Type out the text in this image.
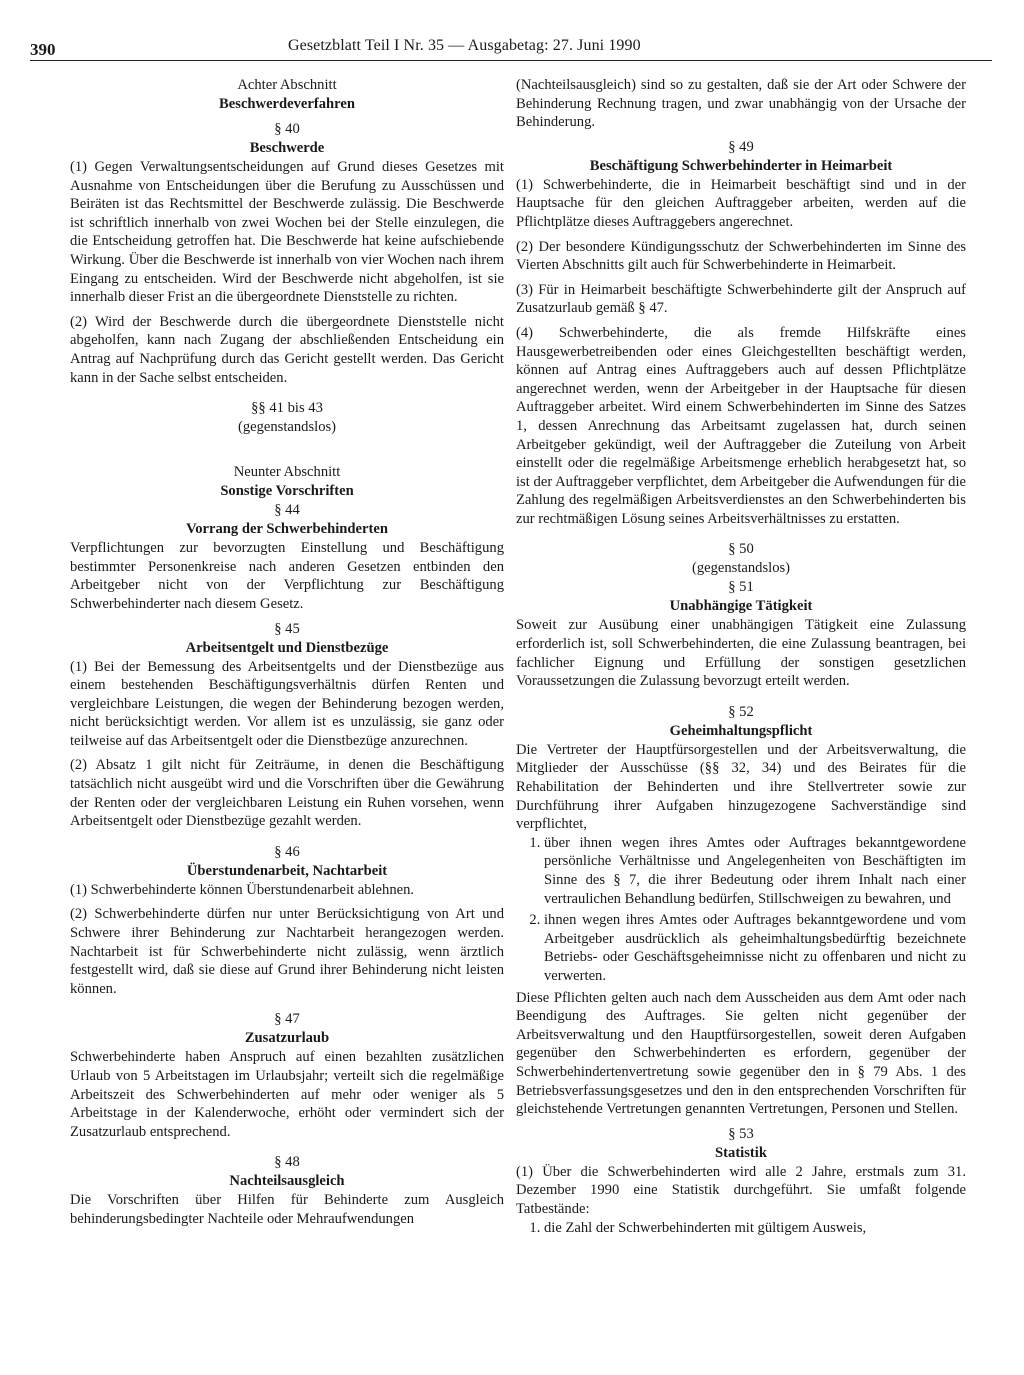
390	Gesetzblatt Teil I Nr. 35 — Ausgabetag: 27. Juni 1990
Achter Abschnitt
Beschwerdeverfahren
§ 40
Beschwerde

(1) Gegen Verwaltungsentscheidungen auf Grund dieses Gesetzes mit Ausnahme von Entscheidungen über die Berufung zu Ausschüssen und Beiräten ist das Rechtsmittel der Beschwerde zulässig. Die Beschwerde ist schriftlich innerhalb von zwei Wochen bei der Stelle einzulegen, die die Entscheidung getroffen hat. Die Beschwerde hat keine aufschiebende Wirkung. Über die Beschwerde ist innerhalb von vier Wochen nach ihrem Eingang zu entscheiden. Wird der Beschwerde nicht abgeholfen, ist sie innerhalb dieser Frist an die übergeordnete Dienststelle zu richten.

(2) Wird der Beschwerde durch die übergeordnete Dienststelle nicht abgeholfen, kann nach Zugang der abschließenden Entscheidung ein Antrag auf Nachprüfung durch das Gericht gestellt werden. Das Gericht kann in der Sache selbst entscheiden.

§§ 41 bis 43
(gegenstandslos)
Neunter Abschnitt
Sonstige Vorschriften
§ 44
Vorrang der Schwerbehinderten

Verpflichtungen zur bevorzugten Einstellung und Beschäftigung bestimmter Personenkreise nach anderen Gesetzen entbinden den Arbeitgeber nicht von der Verpflichtung zur Beschäftigung Schwerbehinderter nach diesem Gesetz.

§ 45
Arbeitsentgelt und Dienstbezüge

(1) Bei der Bemessung des Arbeitsentgelts und der Dienstbezüge aus einem bestehenden Beschäftigungsverhältnis dürfen Renten und vergleichbare Leistungen, die wegen der Behinderung bezogen werden, nicht berücksichtigt werden. Vor allem ist es unzulässig, sie ganz oder teilweise auf das Arbeitsentgelt oder die Dienstbezüge anzurechnen.

(2) Absatz 1 gilt nicht für Zeiträume, in denen die Beschäftigung tatsächlich nicht ausgeübt wird und die Vorschriften über die Gewährung der Renten oder der vergleichbaren Leistung ein Ruhen vorsehen, wenn Arbeitsentgelt oder Dienstbezüge gezahlt werden.

§ 46
Überstundenarbeit, Nachtarbeit

(1) Schwerbehinderte können Überstundenarbeit ablehnen.

(2) Schwerbehinderte dürfen nur unter Berücksichtigung von Art und Schwere ihrer Behinderung zur Nachtarbeit herangezogen werden. Nachtarbeit ist für Schwerbehinderte nicht zulässig, wenn ärztlich festgestellt wird, daß sie diese auf Grund ihrer Behinderung nicht leisten können.

§ 47
Zusatzurlaub

Schwerbehinderte haben Anspruch auf einen bezahlten zusätzlichen Urlaub von 5 Arbeitstagen im Urlaubsjahr; verteilt sich die regelmäßige Arbeitszeit des Schwerbehinderten auf mehr oder weniger als 5 Arbeitstage in der Kalenderwoche, erhöht oder vermindert sich der Zusatzurlaub entsprechend.

§ 48
Nachteilsausgleich

Die Vorschriften über Hilfen für Behinderte zum Ausgleich behinderungsbedingter Nachteile oder Mehraufwendungen

(Nachteilsausgleich) sind so zu gestalten, daß sie der Art oder Schwere der Behinderung Rechnung tragen, und zwar unabhängig von der Ursache der Behinderung.

§ 49
Beschäftigung Schwerbehinderter in Heimarbeit

(1) Schwerbehinderte, die in Heimarbeit beschäftigt sind und in der Hauptsache für den gleichen Auftraggeber arbeiten, werden auf die Pflichtplätze dieses Auftraggebers angerechnet.

(2) Der besondere Kündigungsschutz der Schwerbehinderten im Sinne des Vierten Abschnitts gilt auch für Schwerbehinderte in Heimarbeit.

(3) Für in Heimarbeit beschäftigte Schwerbehinderte gilt der Anspruch auf Zusatzurlaub gemäß § 47.

(4) Schwerbehinderte, die als fremde Hilfskräfte eines Hausgewerbetreibenden oder eines Gleichgestellten beschäftigt werden, können auf Antrag eines Auftraggebers auch auf dessen Pflichtplätze angerechnet werden, wenn der Arbeitgeber in der Hauptsache für diesen Auftraggeber arbeitet. Wird einem Schwerbehinderten im Sinne des Satzes 1, dessen Anrechnung das Arbeitsamt zugelassen hat, durch seinen Arbeitgeber gekündigt, weil der Auftraggeber die Zuteilung von Arbeit einstellt oder die regelmäßige Arbeitsmenge erheblich herabgesetzt hat, so ist der Auftraggeber verpflichtet, dem Arbeitgeber die Aufwendungen für die Zahlung des regelmäßigen Arbeitsverdienstes an den Schwerbehinderten bis zur rechtmäßigen Lösung seines Arbeitsverhältnisses zu erstatten.

§ 50
(gegenstandslos)
§ 51
Unabhängige Tätigkeit

Soweit zur Ausübung einer unabhängigen Tätigkeit eine Zulassung erforderlich ist, soll Schwerbehinderten, die eine Zulassung beantragen, bei fachlicher Eignung und Erfüllung der sonstigen gesetzlichen Voraussetzungen die Zulassung bevorzugt erteilt werden.

§ 52
Geheimhaltungspflicht

Die Vertreter der Hauptfürsorgestellen und der Arbeitsverwaltung, die Mitglieder der Ausschüsse (§§ 32, 34) und des Beirates für die Rehabilitation der Behinderten und ihre Stellvertreter sowie zur Durchführung ihrer Aufgaben hinzugezogene Sachverständige sind verpflichtet,

1. über ihnen wegen ihres Amtes oder Auftrages bekanntgewordene persönliche Verhältnisse und Angelegenheiten von Beschäftigten im Sinne des § 7, die ihrer Bedeutung oder ihrem Inhalt nach einer vertraulichen Behandlung bedürfen, Stillschweigen zu bewahren, und
2. ihnen wegen ihres Amtes oder Auftrages bekanntgewordene und vom Arbeitgeber ausdrücklich als geheimhaltungsbedürftig bezeichnete Betriebs- oder Geschäftsgeheimnisse nicht zu offenbaren und nicht zu verwerten.

Diese Pflichten gelten auch nach dem Ausscheiden aus dem Amt oder nach Beendigung des Auftrages. Sie gelten nicht gegenüber der Arbeitsverwaltung und den Hauptfürsorgestellen, soweit deren Aufgaben gegenüber den Schwerbehinderten es erfordern, gegenüber der Schwerbehindertenvertretung sowie gegenüber den in § 79 Abs. 1 des Betriebsverfassungsgesetzes und den in den entsprechenden Vorschriften für gleichstehende Vertretungen genannten Vertretungen, Personen und Stellen.

§ 53
Statistik

(1) Über die Schwerbehinderten wird alle 2 Jahre, erstmals zum 31. Dezember 1990 eine Statistik durchgeführt. Sie umfaßt folgende Tatbestände:

1. die Zahl der Schwerbehinderten mit gültigem Ausweis,
